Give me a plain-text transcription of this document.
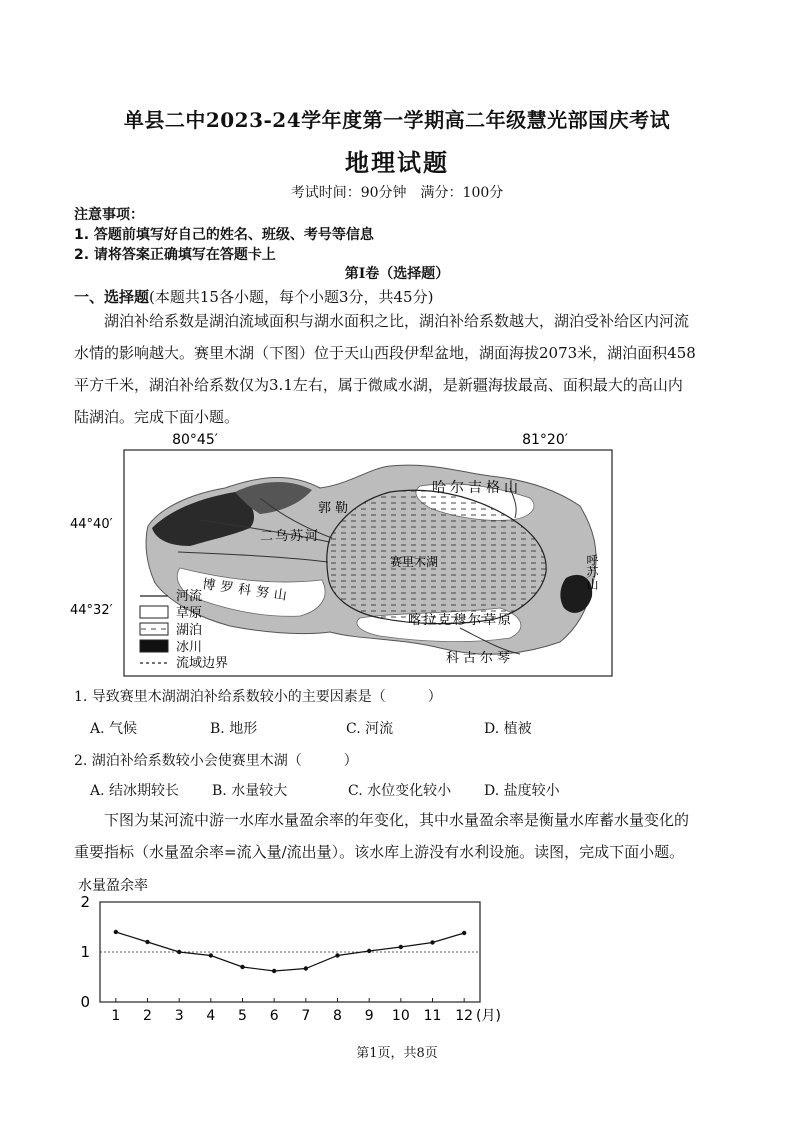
单县二中2023-24学年度第一学期高二年级慧光部国庆考试
地理试题
考试时间：90分钟　满分：100分
注意事项：
1. 答题前填写好自己的姓名、班级、考号等信息
2. 请将答案正确填写在答题卡上
第Ⅰ卷（选择题）
一、选择题(本题共15各小题，每个小题3分，共45分)
湖泊补给系数是湖泊流域面积与湖水面积之比，湖泊补给系数越大，湖泊受补给区内河流
水情的影响越大。赛里木湖（下图）位于天山西段伊犁盆地，湖面海拔2073米，湖泊面积458
平方千米，湖泊补给系数仅为3.1左右，属于微咸水湖，是新疆海拔最高、面积最大的高山内
陆湖泊。完成下面小题。
80°45′	81°20′
44°40′
44°32′
哈尔吉格山
赛里木湖
二乌苏河
郭勒
博罗科努山
喀拉克穆尔草原
呼苏山
科古尔琴
河流
草原
湖泊
冰川
流域边界
1. 导致赛里木湖湖泊补给系数较小的主要因素是（　　　）
A. 气候	B. 地形	C. 河流	D. 植被
2. 湖泊补给系数较小会使赛里木湖（　　　）
A. 结冰期较长 B. 水量较大	C. 水位变化较小 D. 盐度较小
下图为某河流中游一水库水量盈余率的年变化，其中水量盈余率是衡量水库蓄水量变化的
重要指标（水量盈余率=流入量/流出量）。该水库上游没有水利设施。读图，完成下面小题。
水量盈余率
0
1
2
1 2 3 4 5 6 7 8 9 10 11 12 (月)
第1页，共8页
